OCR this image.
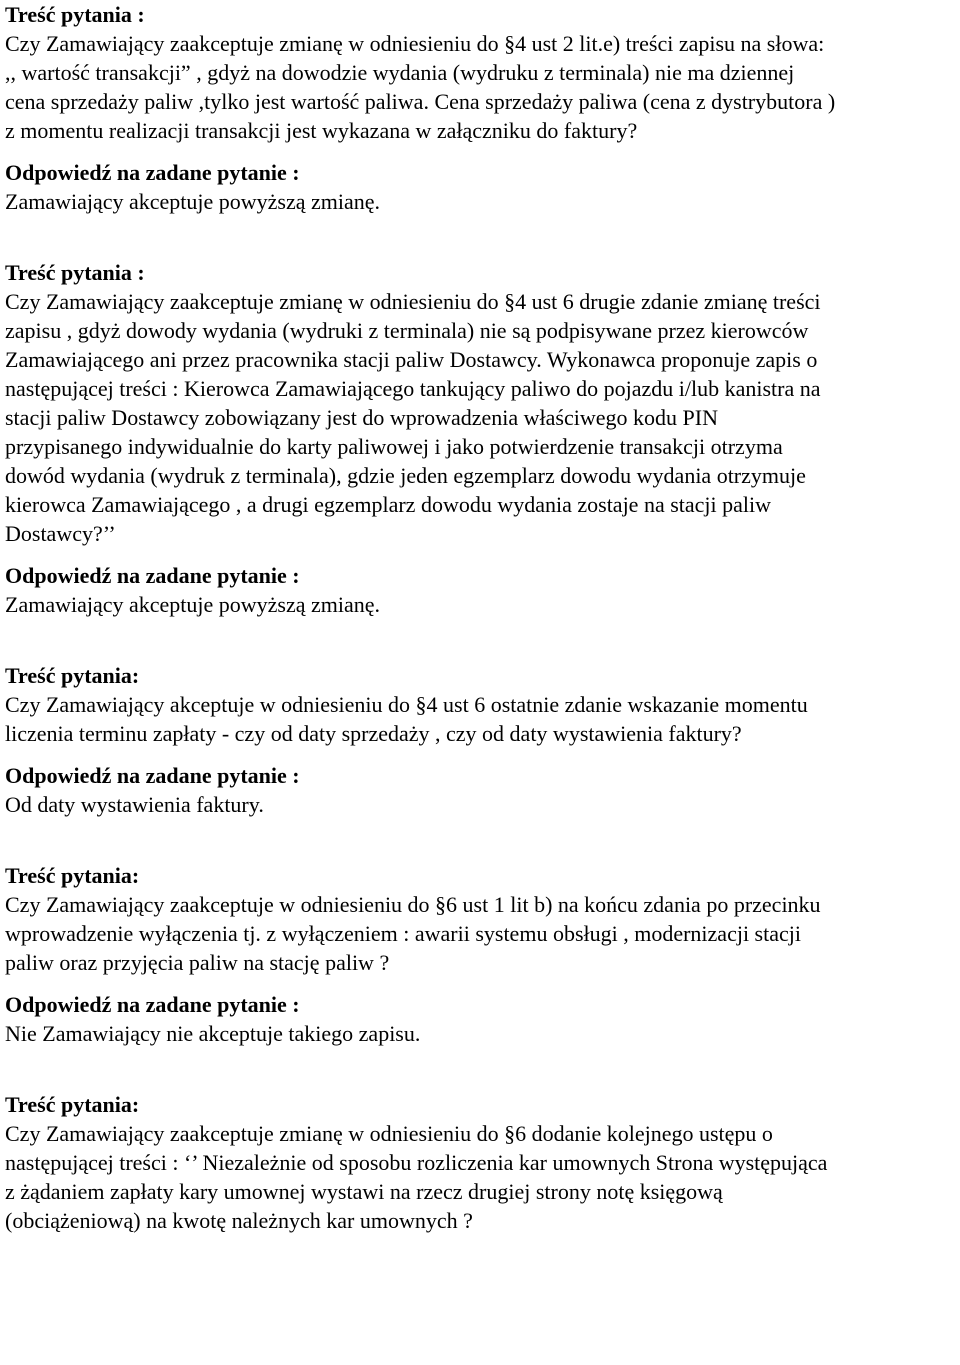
Treść pytania :
Czy Zamawiający zaakceptuje zmianę w odniesieniu do §4 ust 2 lit.e) treści zapisu na słowa:
,, wartość transakcji” , gdyż na dowodzie wydania (wydruku z terminala) nie ma dziennej
cena sprzedaży paliw ,tylko jest wartość paliwa. Cena sprzedaży paliwa (cena z dystrybutora )
z momentu realizacji transakcji jest wykazana w załączniku do faktury?
Odpowiedź na zadane pytanie :
Zamawiający akceptuje powyższą zmianę.
Treść pytania :
Czy Zamawiający zaakceptuje zmianę w odniesieniu do §4 ust 6 drugie zdanie zmianę treści
zapisu , gdyż dowody wydania (wydruki z terminala) nie są podpisywane przez kierowców
Zamawiającego ani przez pracownika stacji paliw Dostawcy. Wykonawca proponuje zapis o
następującej treści : Kierowca Zamawiającego tankujący paliwo do pojazdu i/lub kanistra na
stacji paliw Dostawcy zobowiązany jest do wprowadzenia właściwego kodu PIN
przypisanego indywidualnie do karty paliwowej i jako potwierdzenie transakcji otrzyma
dowód wydania (wydruk z terminala), gdzie jeden egzemplarz dowodu wydania otrzymuje
kierowca Zamawiającego , a drugi egzemplarz dowodu wydania zostaje na stacji paliw
Dostawcy?’’
Odpowiedź na zadane pytanie :
Zamawiający akceptuje powyższą zmianę.
Treść pytania:
Czy Zamawiający akceptuje w odniesieniu do §4 ust 6 ostatnie zdanie wskazanie momentu
liczenia terminu zapłaty - czy od daty sprzedaży , czy od daty wystawienia faktury?
Odpowiedź na zadane pytanie :
Od daty wystawienia faktury.
Treść pytania:
Czy Zamawiający zaakceptuje w odniesieniu do §6 ust 1 lit b) na końcu zdania po przecinku
wprowadzenie wyłączenia tj. z wyłączeniem : awarii systemu obsługi , modernizacji stacji
paliw oraz przyjęcia paliw na stację paliw ?
Odpowiedź na zadane pytanie :
Nie Zamawiający nie akceptuje takiego zapisu.
Treść pytania:
Czy Zamawiający zaakceptuje zmianę w odniesieniu do §6 dodanie kolejnego ustępu o
następującej treści : ‘’ Niezależnie od sposobu rozliczenia kar umownych Strona występująca
z żądaniem zapłaty kary umownej wystawi na rzecz drugiej strony notę księgową
(obciążeniową) na kwotę należnych kar umownych ?
